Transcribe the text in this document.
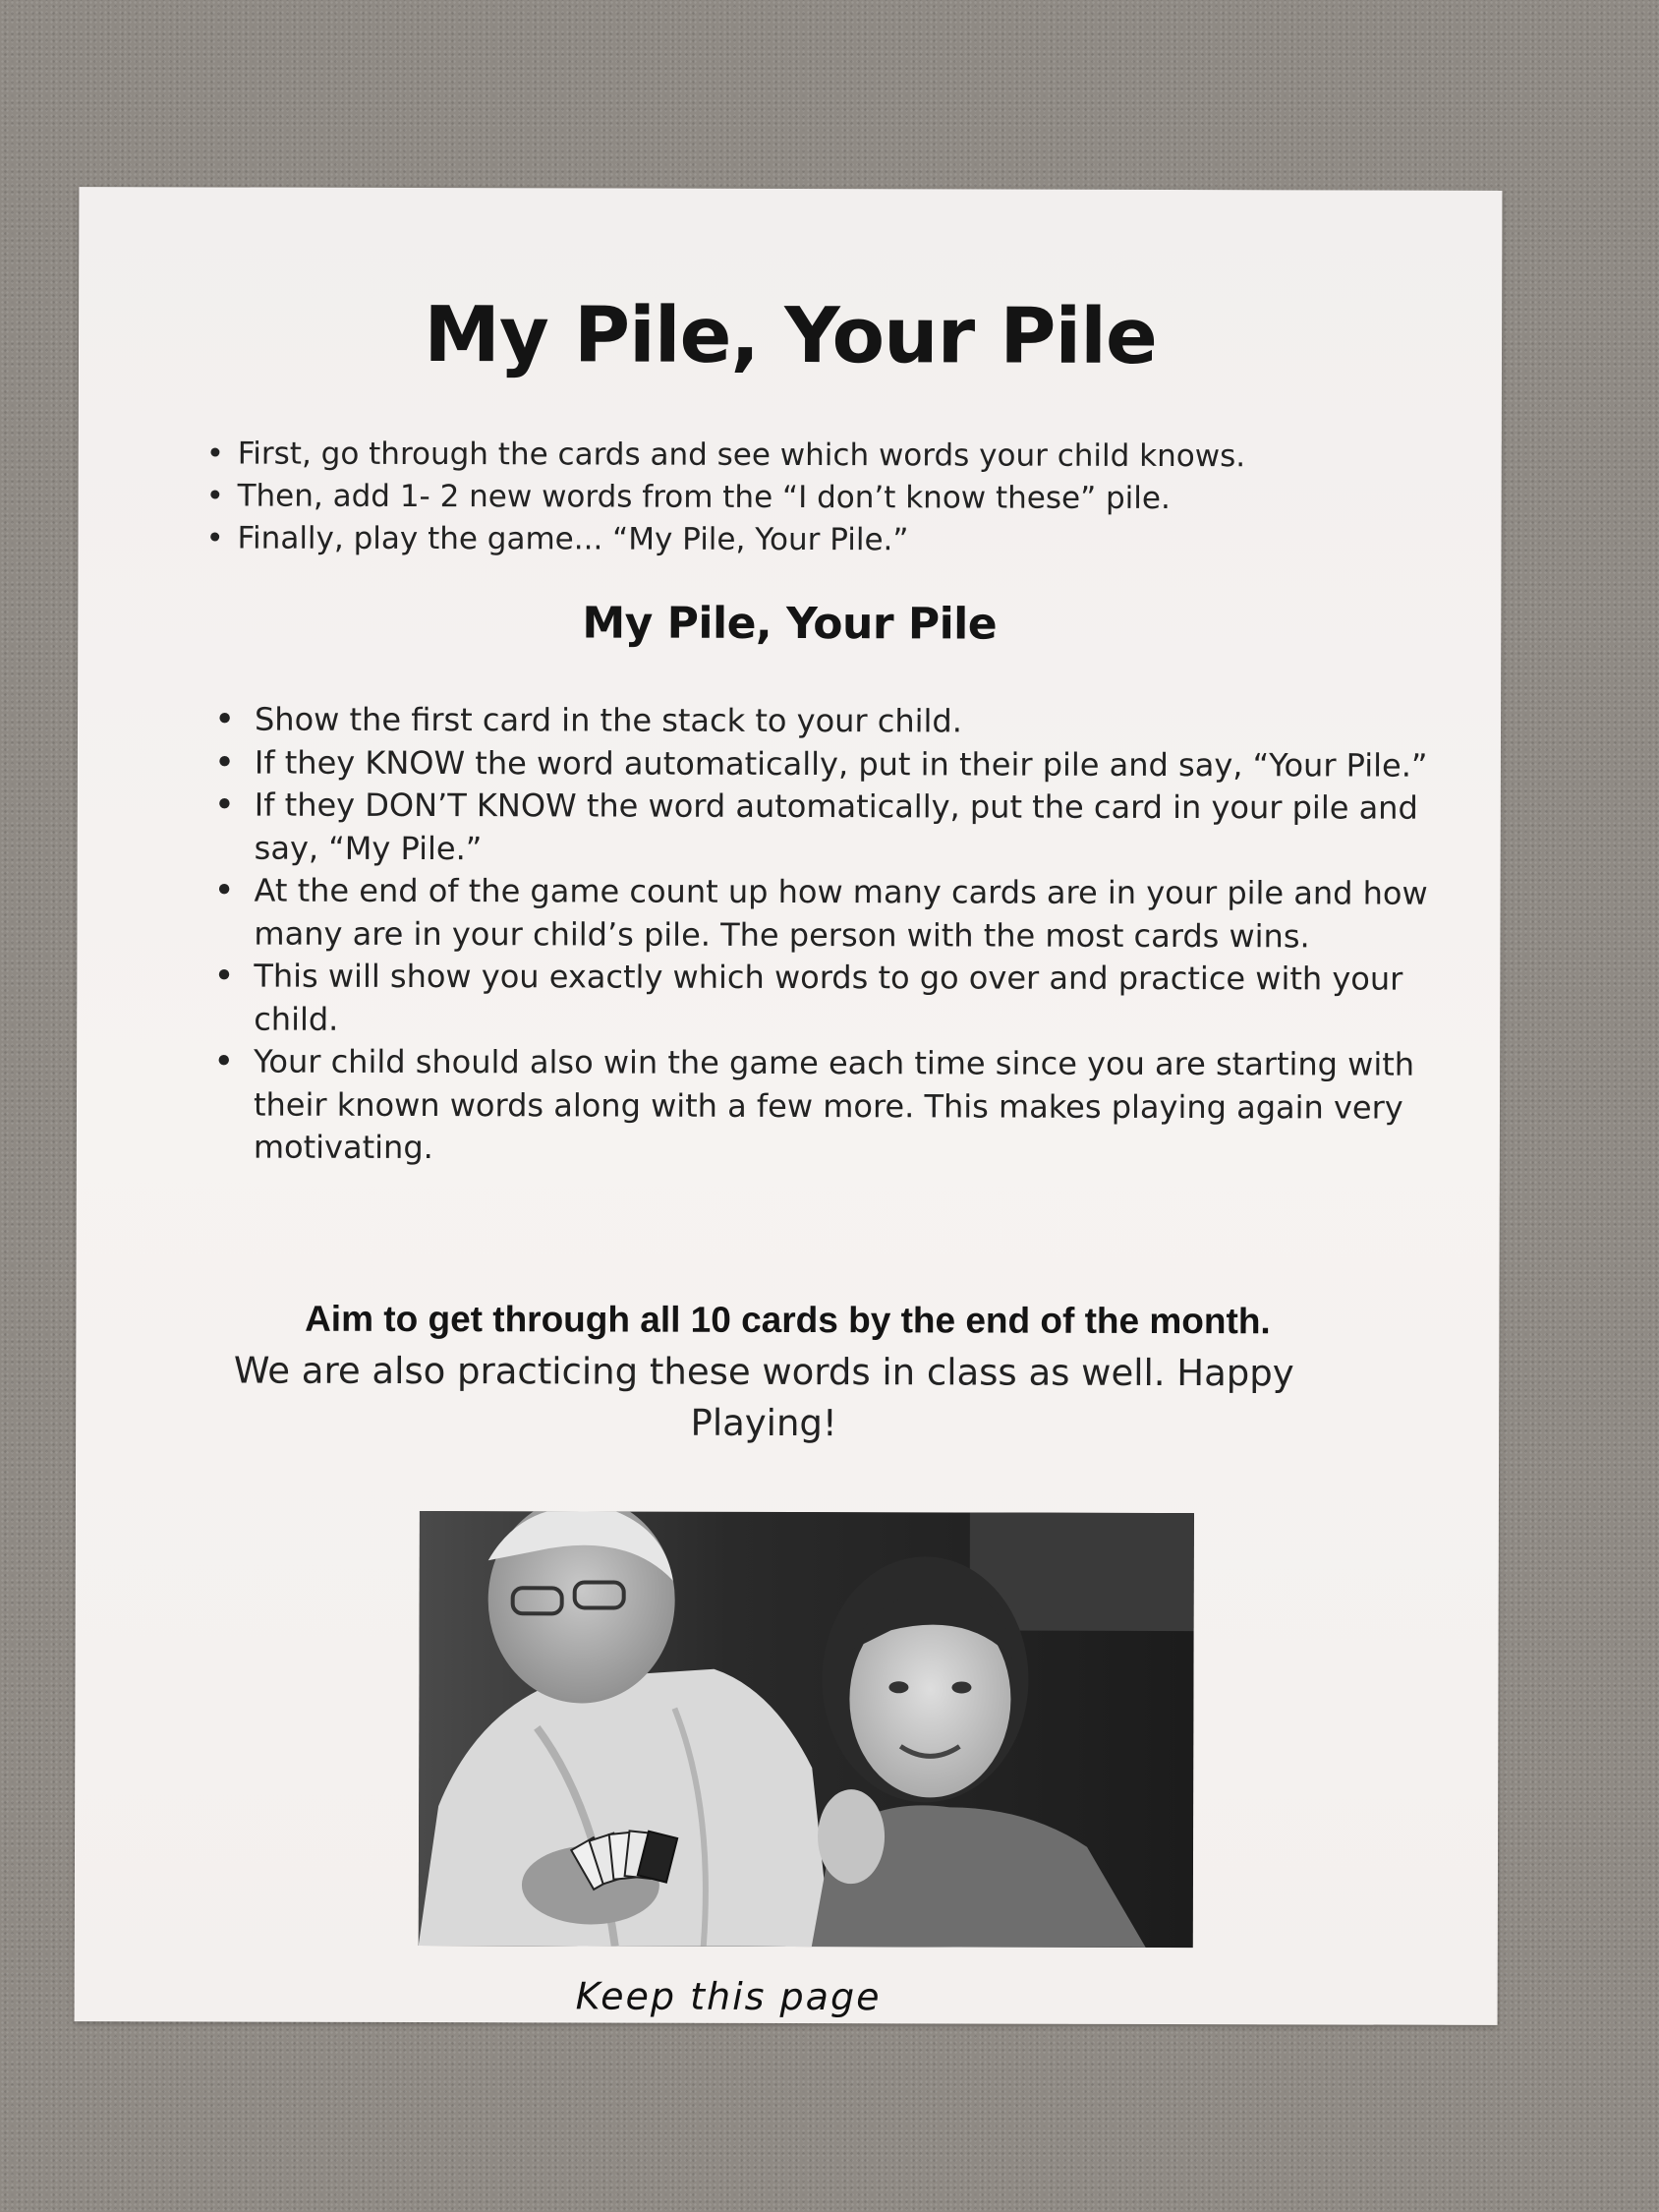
My Pile, Your Pile
• First, go through the cards and see which words your child knows.
• Then, add 1- 2 new words from the “I don’t know these” pile.
• Finally, play the game... “My Pile, Your Pile.”
My Pile, Your Pile
• Show the first card in the stack to your child.
• If they KNOW the word automatically, put in their pile and say, “Your Pile.”
• If they DON’T KNOW the word automatically, put the card in your pile and say, “My Pile.”
• At the end of the game count up how many cards are in your pile and how many are in your child’s pile. The person with the most cards wins.
• This will show you exactly which words to go over and practice with your child.
• Your child should also win the game each time since you are starting with their known words along with a few more. This makes playing again very motivating.

Aim to get through all 10 cards by the end of the month.

We are also practicing these words in class as well. Happy Playing!

Keep this page
